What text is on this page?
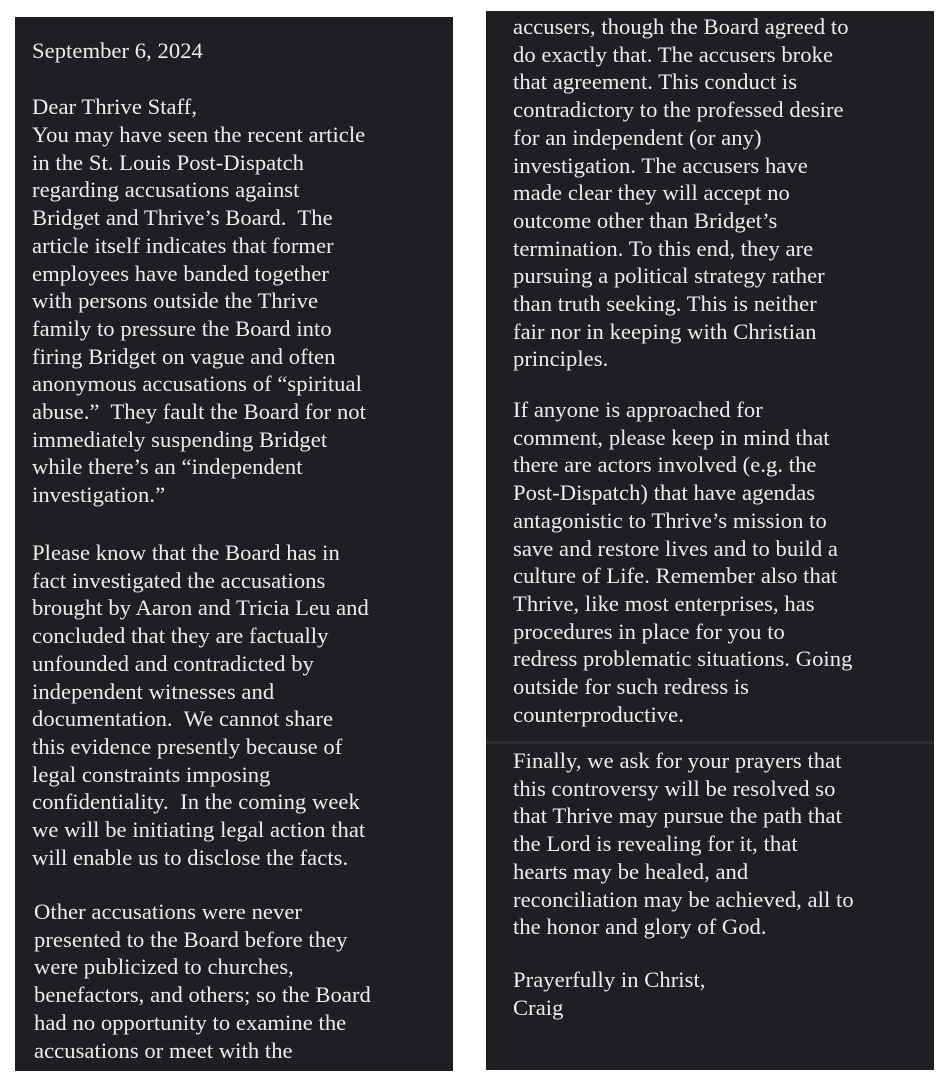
September 6, 2024
Dear Thrive Staff,
You may have seen the recent article
in the St. Louis Post-Dispatch
regarding accusations against
Bridget and Thrive’s Board.  The
article itself indicates that former
employees have banded together
with persons outside the Thrive
family to pressure the Board into
firing Bridget on vague and often
anonymous accusations of “spiritual
abuse.”  They fault the Board for not
immediately suspending Bridget
while there’s an “independent
investigation.”
Please know that the Board has in
fact investigated the accusations
brought by Aaron and Tricia Leu and
concluded that they are factually
unfounded and contradicted by
independent witnesses and
documentation.  We cannot share
this evidence presently because of
legal constraints imposing
confidentiality.  In the coming week
we will be initiating legal action that
will enable us to disclose the facts.
Other accusations were never
presented to the Board before they
were publicized to churches,
benefactors, and others; so the Board
had no opportunity to examine the
accusations or meet with the
accusers, though the Board agreed to
do exactly that. The accusers broke
that agreement. This conduct is
contradictory to the professed desire
for an independent (or any)
investigation. The accusers have
made clear they will accept no
outcome other than Bridget’s
termination. To this end, they are
pursuing a political strategy rather
than truth seeking. This is neither
fair nor in keeping with Christian
principles.
If anyone is approached for
comment, please keep in mind that
there are actors involved (e.g. the
Post-Dispatch) that have agendas
antagonistic to Thrive’s mission to
save and restore lives and to build a
culture of Life. Remember also that
Thrive, like most enterprises, has
procedures in place for you to
redress problematic situations. Going
outside for such redress is
counterproductive.
Finally, we ask for your prayers that
this controversy will be resolved so
that Thrive may pursue the path that
the Lord is revealing for it, that
hearts may be healed, and
reconciliation may be achieved, all to
the honor and glory of God.
Prayerfully in Christ,
Craig
